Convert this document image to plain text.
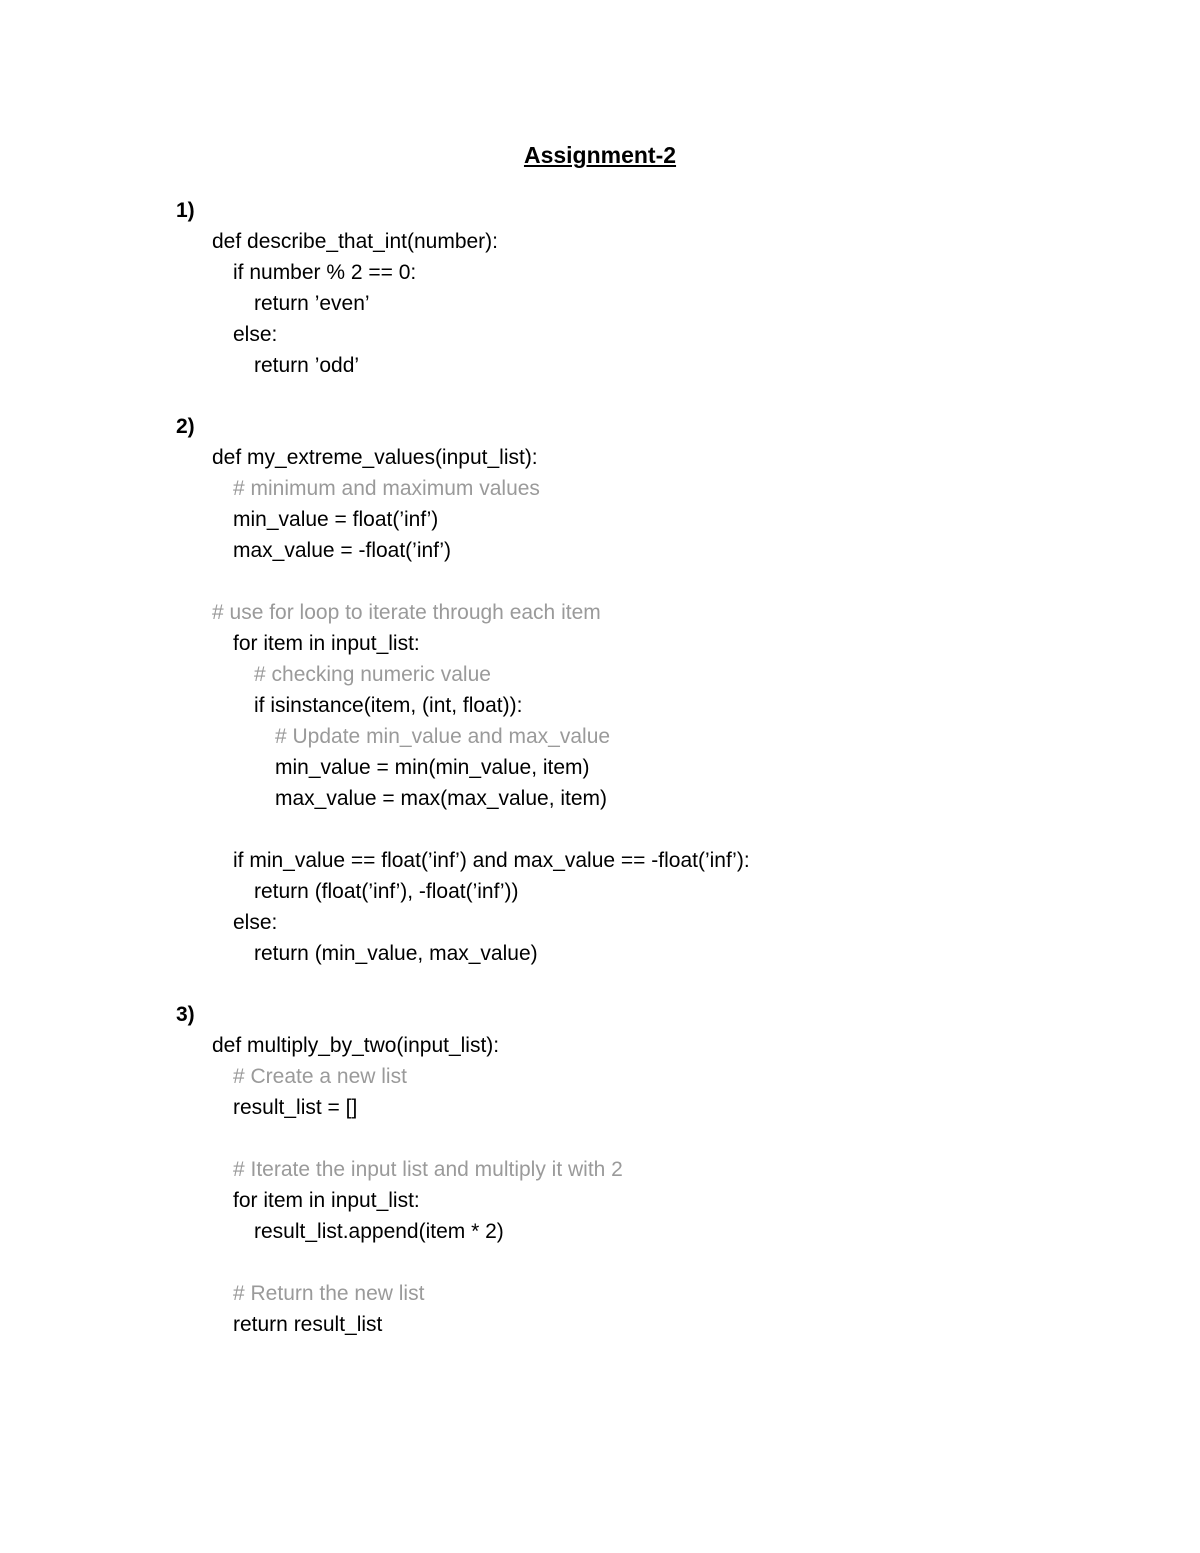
Assignment-2
1)
def describe_that_int(number):
if number % 2 == 0:
return ’even’
else:
return ’odd’
2)
def my_extreme_values(input_list):
# minimum and maximum values
min_value = float(’inf’)
max_value = -float(’inf’)
# use for loop to iterate through each item
for item in input_list:
# checking numeric value
if isinstance(item, (int, float)):
# Update min_value and max_value
min_value = min(min_value, item)
max_value = max(max_value, item)
if min_value == float(’inf’) and max_value == -float(’inf’):
return (float(’inf’), -float(’inf’))
else:
return (min_value, max_value)
3)
def multiply_by_two(input_list):
# Create a new list
result_list = []
# Iterate the input list and multiply it with 2
for item in input_list:
result_list.append(item * 2)
# Return the new list
return result_list
